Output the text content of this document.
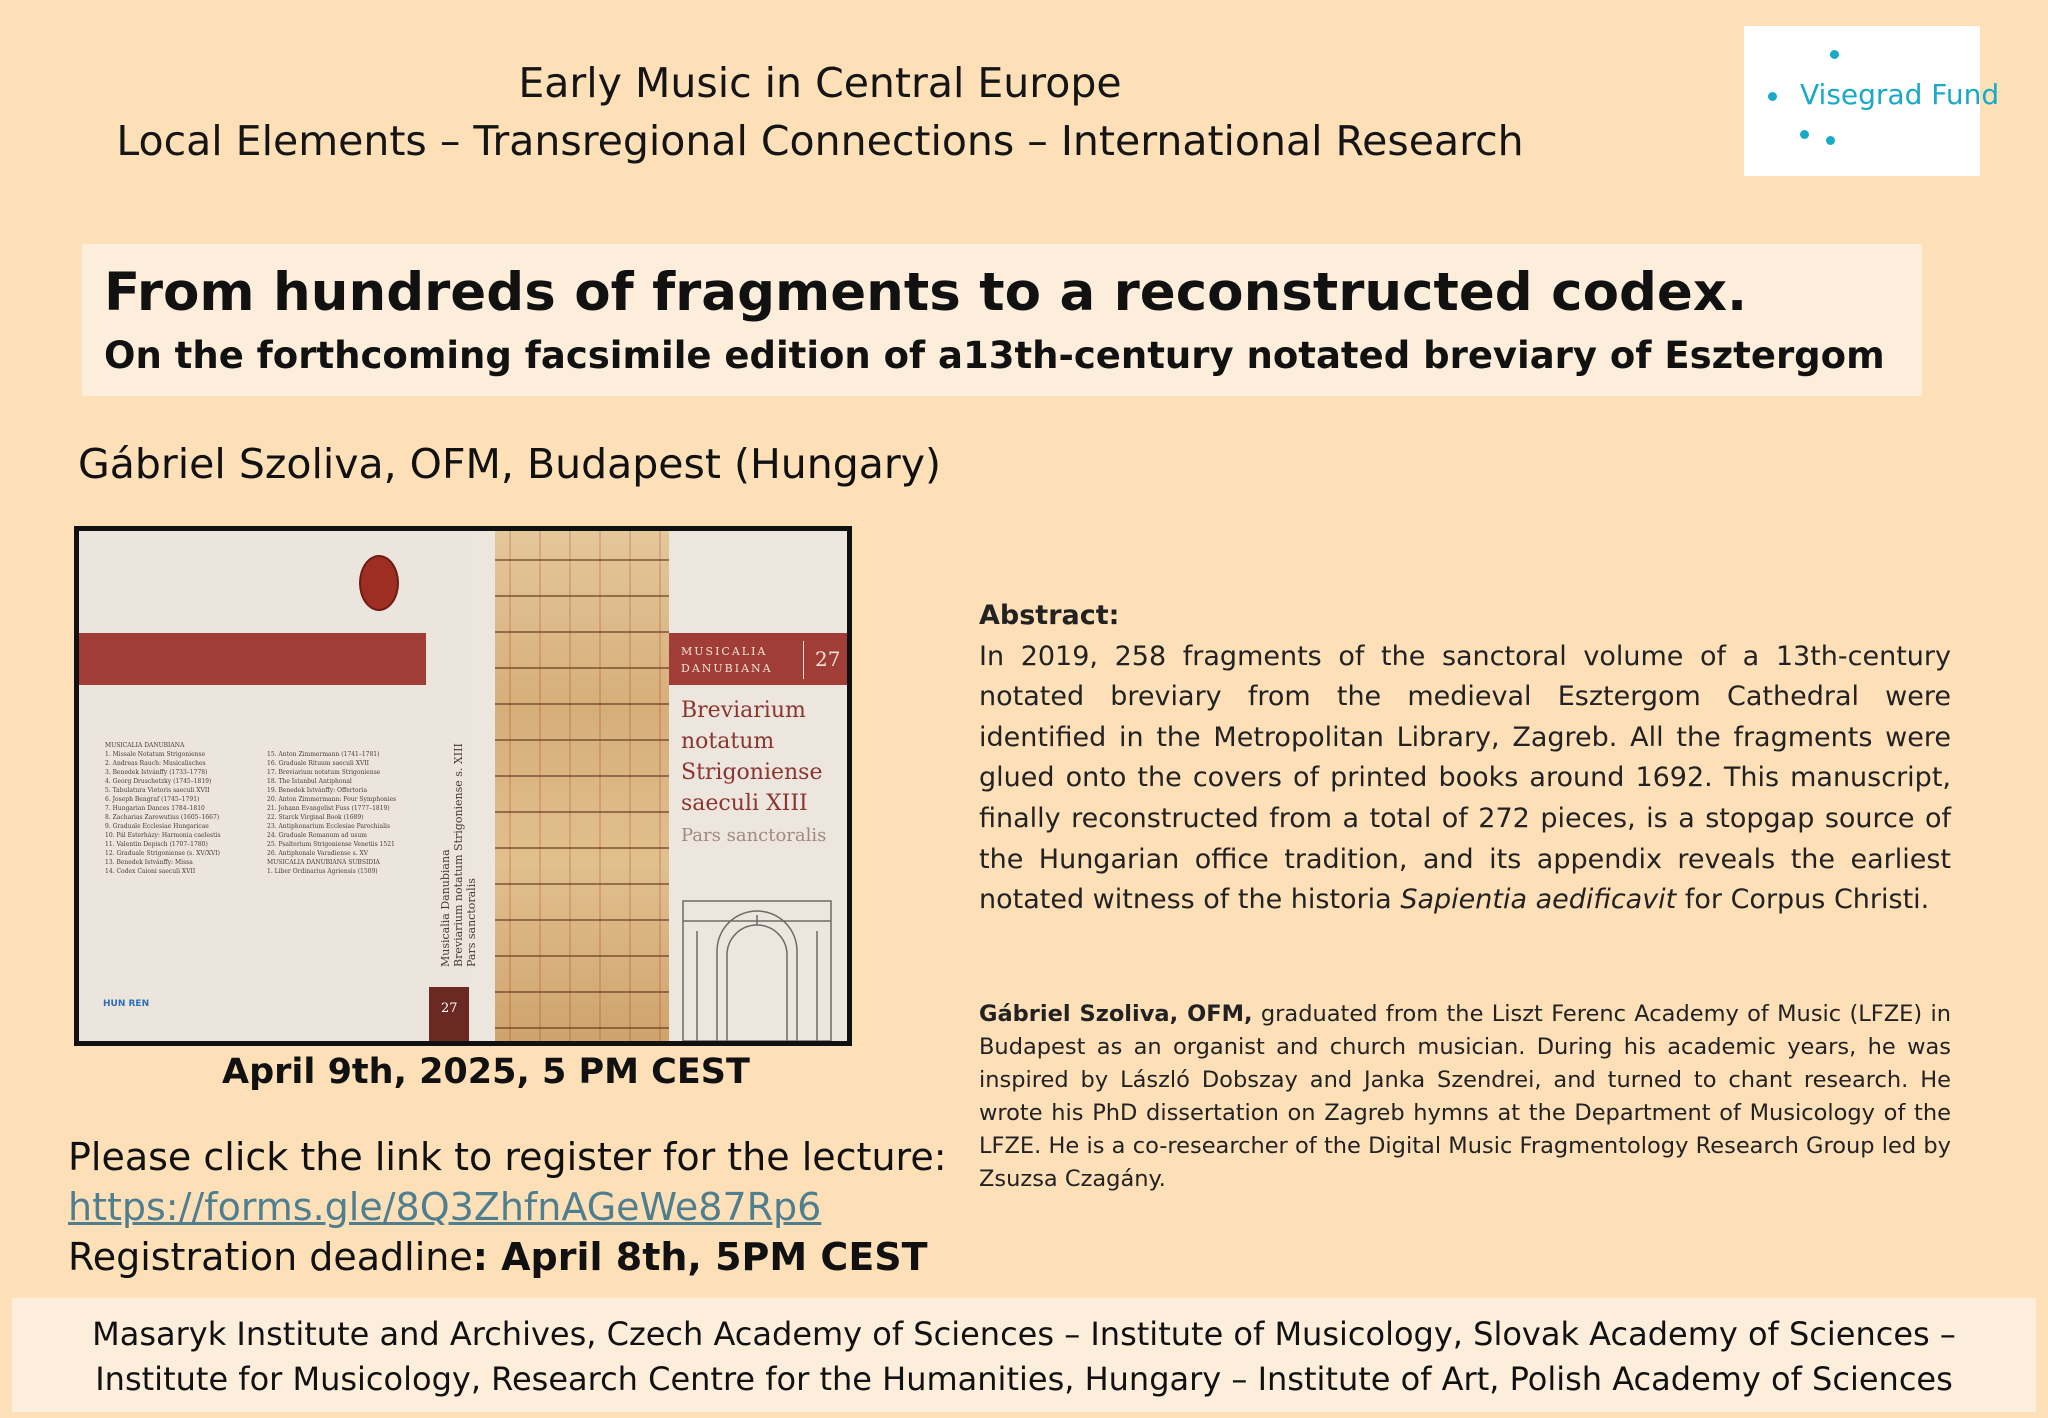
Early Music in Central Europe
Local Elements – Transregional Connections – International Research
Visegrad Fund
From hundreds of fragments to a reconstructed codex.
On the forthcoming facsimile edition of a13th-century notated breviary of Esztergom
Gábriel Szoliva, OFM, Budapest (Hungary)
MUSICALIA DANUBIANA
1. Missale Notatum Strigoniense
2. Andreas Rauch: Musicalisches
3. Benedek Istvánffy (1733–1778)
4. Georg Druschetzky (1745–1819)
5. Tabulatura Vietoris saeculi XVII
6. Joseph Bengraf (1745–1791)
7. Hungarian Dances 1784–1810
8. Zacharias Zarewutius (1605–1667)
9. Graduale Ecclesiae Hungaricae
10. Pál Esterházy: Harmonia caelestis
11. Valentin Depisch (1707–1780)
12. Graduale Strigoniense (s. XV/XVI)
13. Benedek Istvánffy: Missa
14. Codex Caioni saeculi XVII
15. Anton Zimmermann (1741–1781)
16. Graduale Rituum saeculi XVII
17. Breviarium notatum Strigoniense
18. The Istanbul Antiphonal
19. Benedek Istvánffy: Offertoria
20. Anton Zimmermann: Four Symphonies
21. Johann Evangelist Fuss (1777–1819)
22. Starck Virginal Book (1689)
23. Antiphonarium Ecclesiae Parochialis
24. Graduale Romanum ad usum
25. Psalterium Strigoniense Venetiis 1521
26. Antiphonale Varadiense s. XV
MUSICALIA DANUBIANA SUBSIDIA
1. Liber Ordinarius Agriensis (1509)
HUN REN
Musicalia Danubiana Breviarium notatum Strigoniense s. XIII Pars sanctoralis
27
MUSICALIA
DANUBIANA 27
Breviarium
notatum
Strigoniense
saeculi XIII
Pars sanctoralis
April 9th, 2025, 5 PM CEST
Please click the link to register for the lecture:
https://forms.gle/8Q3ZhfnAGeWe87Rp6
Registration deadline: April 8th, 5PM CEST
Abstract:
In 2019, 258 fragments of the sanctoral volume of a 13th-century notated breviary from the medieval Esztergom Cathedral were identified in the Metropolitan Library, Zagreb. All the fragments were glued onto the covers of printed books around 1692. This manuscript, finally reconstructed from a total of 272 pieces, is a stopgap source of the Hungarian office tradition, and its appendix reveals the earliest notated witness of the historia Sapientia aedificavit for Corpus Christi.
Gábriel Szoliva, OFM, graduated from the Liszt Ferenc Academy of Music (LFZE) in Budapest as an organist and church musician. During his academic years, he was inspired by László Dobszay and Janka Szendrei, and turned to chant research. He wrote his PhD dissertation on Zagreb hymns at the Department of Musicology of the LFZE. He is a co-researcher of the Digital Music Fragmentology Research Group led by Zsuzsa Czagány.
Masaryk Institute and Archives, Czech Academy of Sciences – Institute of Musicology, Slovak Academy of Sciences –
Institute for Musicology, Research Centre for the Humanities, Hungary – Institute of Art, Polish Academy of Sciences
